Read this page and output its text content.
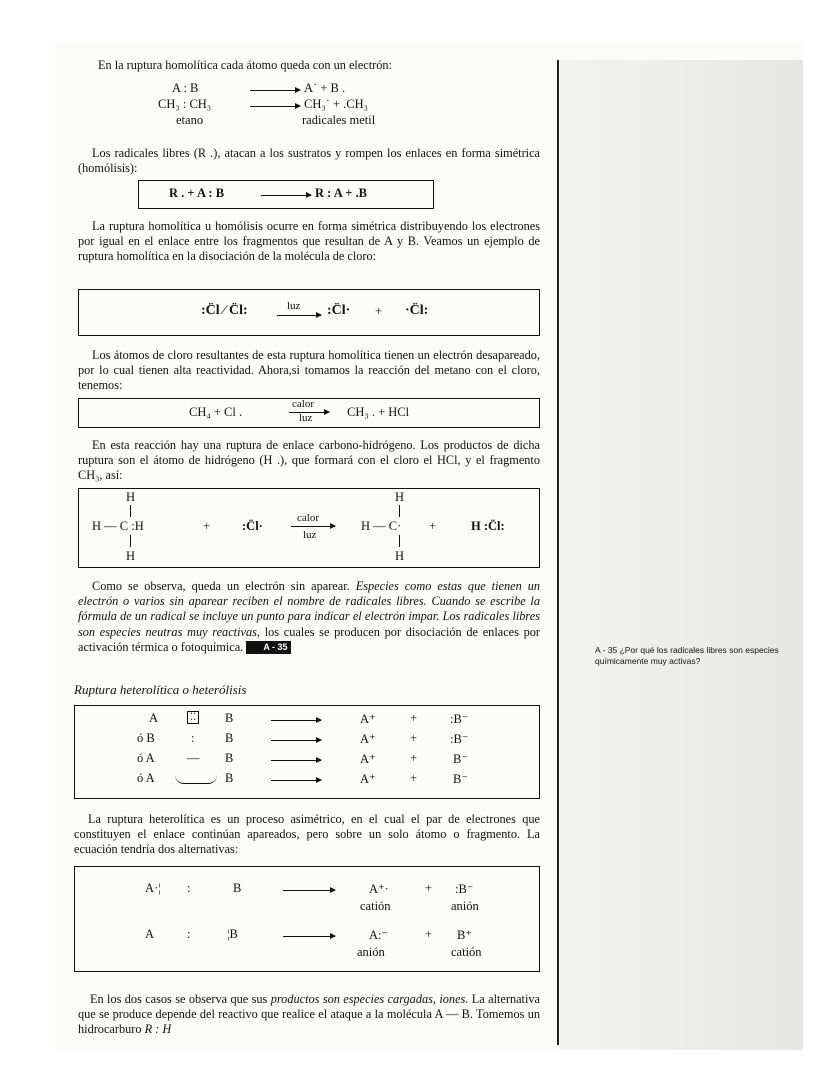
En la ruptura homolítica cada átomo queda con un electrón:

A : B	A˙ + B .
CH₃ : CH₃	CH₃˙ + .CH₃
etano	radicales metil

Los radicales libres (R .), atacan a los sustratos y rompen los enlaces en forma simétrica (homólisis):

R . + A : B	R : A + .B

La ruptura homolítica u homólisis ocurre en forma simétrica distribuyendo los electrones por igual en el enlace entre los fragmentos que resultan de A y B. Veamos un ejemplo de ruptura homolítica en la disociación de la molécula de cloro:

:C̈l ⁄ C̈l:	luz :C̈l· + ·C̈l:

Los átomos de cloro resultantes de esta ruptura homolítica tienen un electrón desapareado, por lo cual tienen alta reactividad. Ahora,si tomamos la reacción del metano con el cloro, tenemos:

CH₄ + Cl .
calor
luz	CH₃ . + HCl

En esta reacción hay una ruptura de enlace carbono-hidrógeno. Los productos de dicha ruptura son el átomo de hidrógeno (H .), que formará con el cloro el HCl, y el fragmento CH₃, así:

H
H — C :H
H
+	:C̈l·
calor
luz
H
H — C·
H
+	H :C̈l:

Como se observa, queda un electrón sin aparear. Especies como estas que tienen un electrón o varios sin aparear reciben el nombre de radicales libres. Cuando se escribe la fórmula de un radical se incluye un punto para indicar el electrón impar. Los radicales libres son especies neutras muy reactivas, los cuales se producen por disociación de enlaces por activación térmica o fotoquímica. A - 35

Ruptura heterolítica o heterólisis
A	⁚⁚ B	A⁺	+	:B⁻
ó B	: B	A⁺	+	:B⁻
ó A	— B	A⁺	+	B⁻
ó A	B	A⁺	+	B⁻

La ruptura heterolítica es un proceso asimétrico, en el cual el par de electrones que constituyen el enlace continúan apareados, pero sobre un solo átomo o fragmento. La ecuación tendría dos alternativas:

A·¦ :	B	A⁺·	+ :B⁻
catión	anión
A	:	¦B	A:⁻	+ B⁺
anión	catión

En los dos casos se observa que sus productos son especies cargadas, iones. La alternativa que se produce depende del reactivo que realice el ataque a la molécula A — B. Tomemos un hidrocarburo R : H

A - 35 ¿Por qué los radicales libres son especies químicamente muy activas?
